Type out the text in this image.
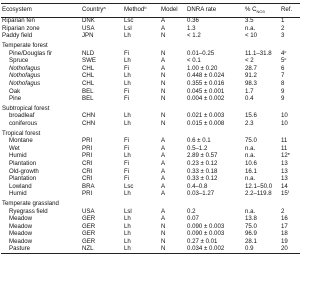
Ecosystem	Country$^a$	Method$^b$	Model	DNRA rate	% $C_{NO3}$	Ref.
Riparian fen	DNK	Lsc	A	0.36	3.5	1
Riparian zone	USA	Lsl	A	1.3	n.a.	2
Paddy field	JPN	Lh	N	< 1.2	< 10	3
Temperate forest						
Pine/Douglas fir	NLD	Fi	N	0.01–0.25	11.1–31.8	4$^c$
Spruce	SWE	Lh	A	< 0.1	< 2	5$^c$
Nothofagus	CHL	Fi	A	1.00 ± 0.20	28.7	6
Nothofagus	CHL	Lh	N	0.448 ± 0.024	91.2	7
Nothofagus	CHL	Lh	N	0.355 ± 0.016	98.3	8
Oak	BEL	Fi	N	0.045 ± 0.001	1.7	9
Pine	BEL	Fi	N	0.004 ± 0.002	0.4	9
Subtropical forest						
broadleaf	CHN	Lh	N	0.021 ± 0.003	15.6	10
coniferous	CHN	Lh	N	0.015 ± 0.008	2.3	10
Tropical forest						
Montane	PRI	Fi	A	0.6 ± 0.1	75.0	11
Wet	PRI	Fi	A	0.5–1.2	n.a.	11
Humid	PRI	Lh	A	2.89 ± 0.57	n.a.	12e
Plantation	CRI	Fi	A	0.23 ± 0.12	10.6	13
Old-growth	CRI	Fi	A	0.33 ± 0.18	16.1	13
Plantation	CRI	Fi	A	0.33 ± 0.12	n.a.	13
Lowland	BRA	Lsc	A	0.4–0.8	12.1–50.0	14
Humid	PRI	Lh	A	0.03–1.27	2.2–119.8	15$^f$
Temperate grassland						
Ryegrass field	USA	Lsl	A	0.2	n.a.	2
Meadow	GER	Lh	A	0.07	13.8	16
Meadow	GER	Lh	N	0.090 ± 0.003	75.0	17
Meadow	GER	Lh	N	0.090 ± 0.003	96.9	18
Meadow	GER	Lh	N	0.27 ± 0.01	28.1	19
Pasture	NZL	Lh	N	0.034 ± 0.002	0.9	20
